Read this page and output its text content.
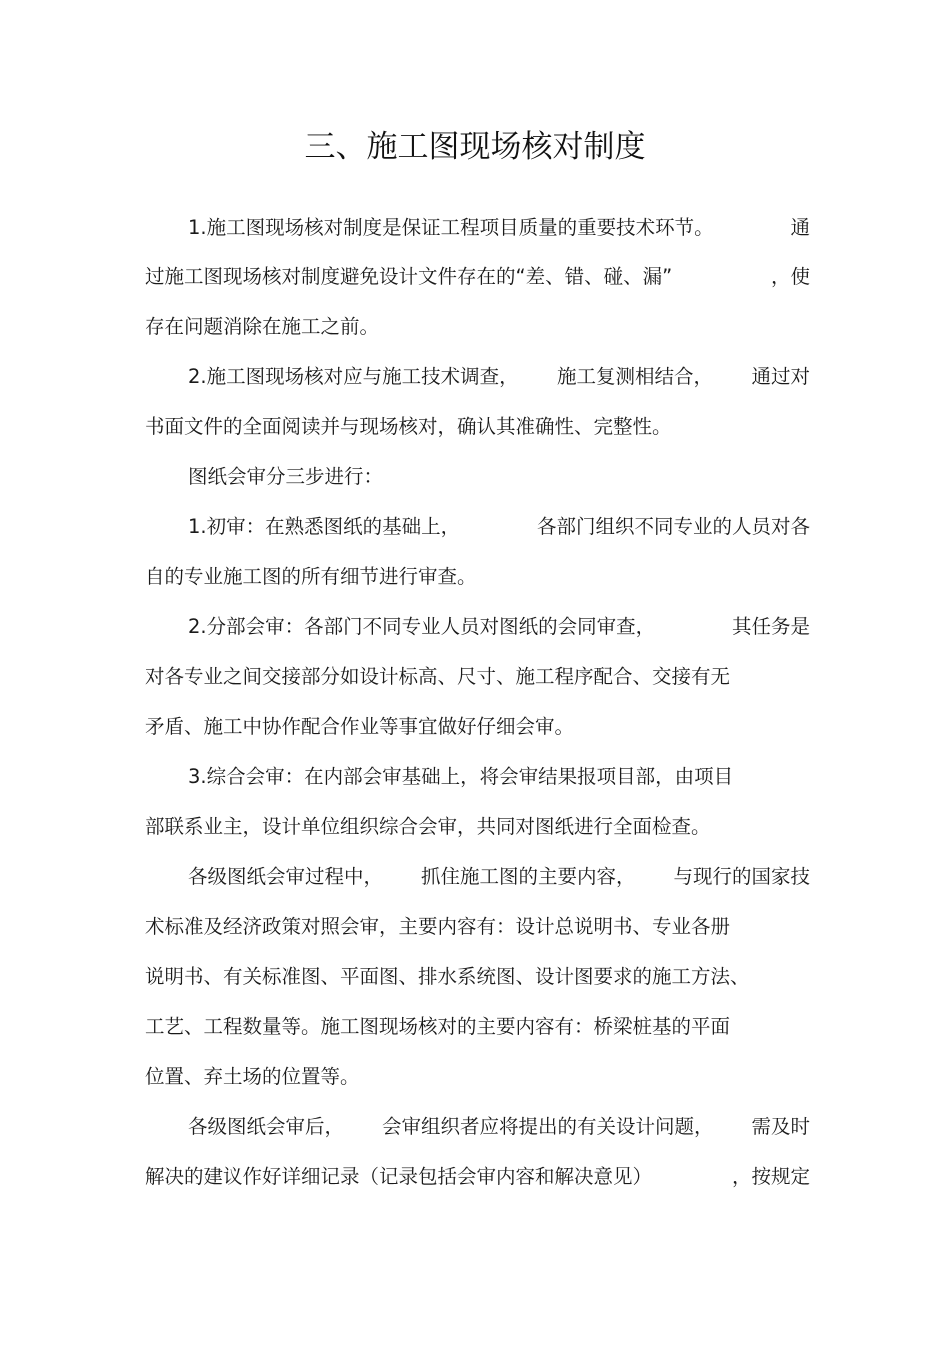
三、施工图现场核对制度

1.施工图现场核对制度是保证工程项目质量的重要技术环节。	通

过施工图现场核对制度避免设计文件存在的“差、错、碰、漏”	，使

存在问题消除在施工之前。

2.施工图现场核对应与施工技术调查， 施工复测相结合， 通过对

书面文件的全面阅读并与现场核对，确认其准确性、完整性。

图纸会审分三步进行：

1.初审：在熟悉图纸的基础上，	各部门组织不同专业的人员对各

自的专业施工图的所有细节进行审查。

2.分部会审：各部门不同专业人员对图纸的会同审查，	其任务是

对各专业之间交接部分如设计标高、尺寸、施工程序配合、交接有无

矛盾、施工中协作配合作业等事宜做好仔细会审。

3.综合会审：在内部会审基础上，将会审结果报项目部，由项目

部联系业主，设计单位组织综合会审，共同对图纸进行全面检查。

各级图纸会审过程中， 抓住施工图的主要内容， 与现行的国家技

术标准及经济政策对照会审，主要内容有：设计总说明书、专业各册

说明书、有关标准图、平面图、排水系统图、设计图要求的施工方法、

工艺、工程数量等。施工图现场核对的主要内容有：桥梁桩基的平面

位置、弃土场的位置等。

各级图纸会审后， 会审组织者应将提出的有关设计问题， 需及时

解决的建议作好详细记录（记录包括会审内容和解决意见）	，按规定
